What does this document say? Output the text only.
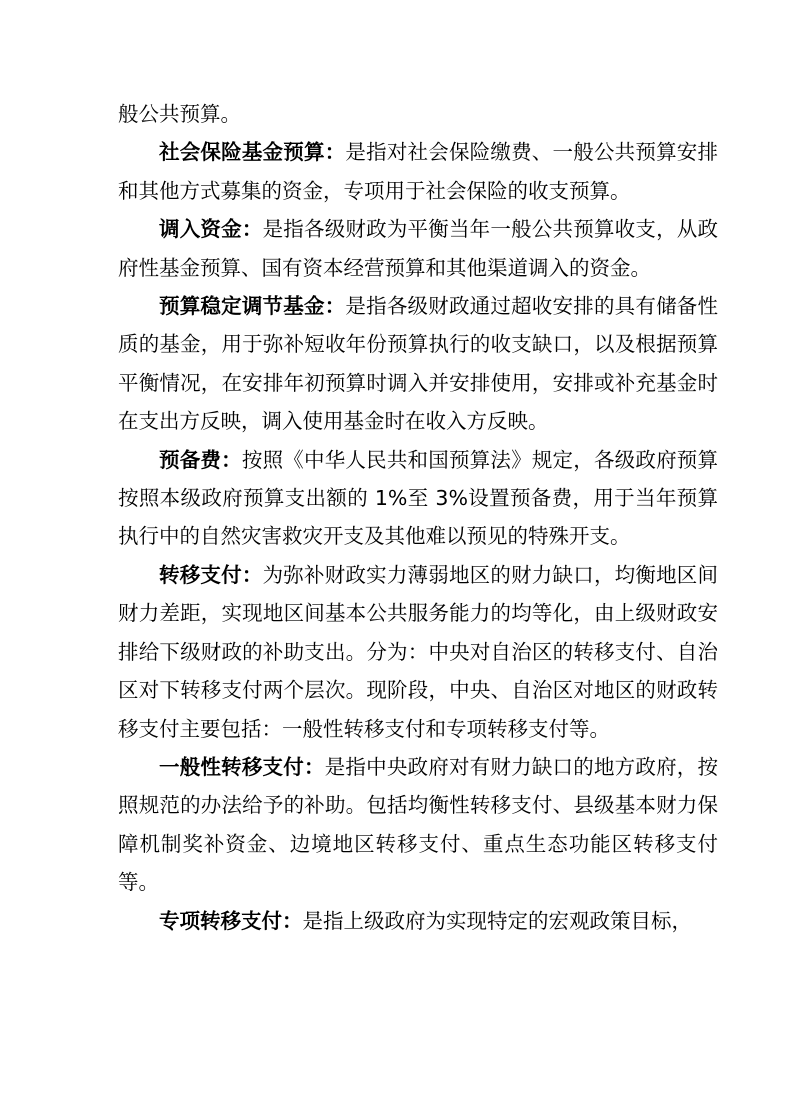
般公共预算。

社会保险基金预算：是指对社会保险缴费、一般公共预算安排和其他方式募集的资金，专项用于社会保险的收支预算。

调入资金：是指各级财政为平衡当年一般公共预算收支，从政府性基金预算、国有资本经营预算和其他渠道调入的资金。

预算稳定调节基金：是指各级财政通过超收安排的具有储备性质的基金，用于弥补短收年份预算执行的收支缺口，以及根据预算平衡情况，在安排年初预算时调入并安排使用，安排或补充基金时在支出方反映，调入使用基金时在收入方反映。

预备费：按照《中华人民共和国预算法》规定，各级政府预算按照本级政府预算支出额的 1%至 3%设置预备费，用于当年预算执行中的自然灾害救灾开支及其他难以预见的特殊开支。

转移支付：为弥补财政实力薄弱地区的财力缺口，均衡地区间财力差距，实现地区间基本公共服务能力的均等化，由上级财政安排给下级财政的补助支出。分为：中央对自治区的转移支付、自治区对下转移支付两个层次。现阶段，中央、自治区对地区的财政转移支付主要包括：一般性转移支付和专项转移支付等。

一般性转移支付：是指中央政府对有财力缺口的地方政府，按照规范的办法给予的补助。包括均衡性转移支付、县级基本财力保障机制奖补资金、边境地区转移支付、重点生态功能区转移支付等。

专项转移支付：是指上级政府为实现特定的宏观政策目标，
